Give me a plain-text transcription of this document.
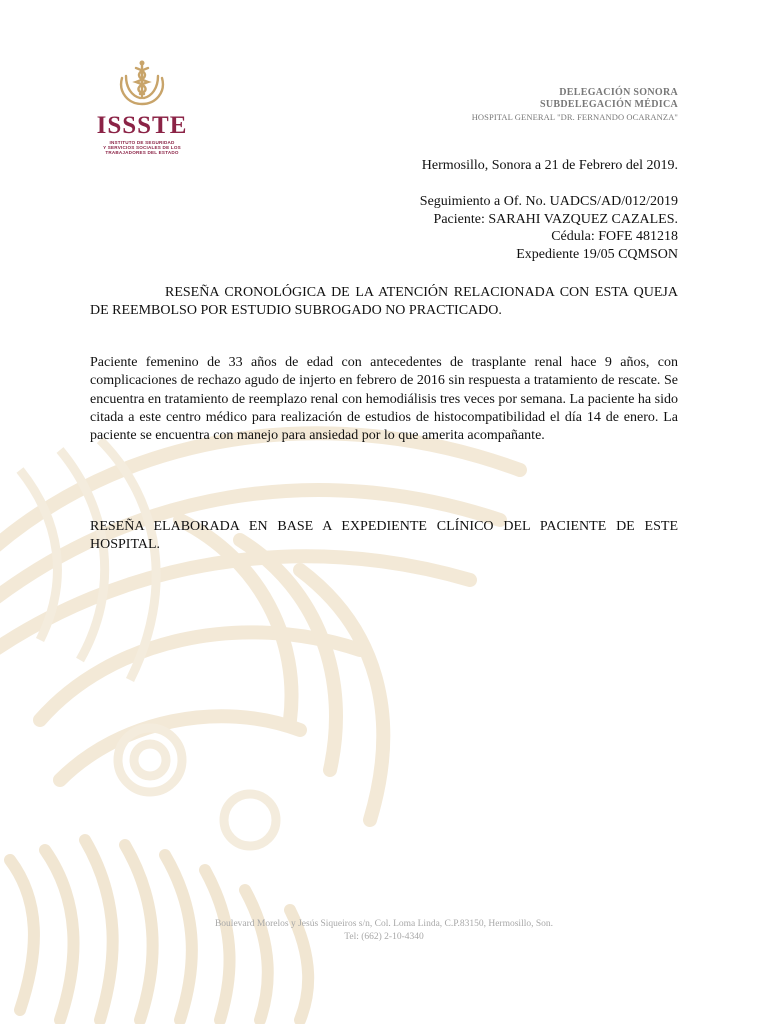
ISSSTE
INSTITUTO DE SEGURIDAD
Y SERVICIOS SOCIALES DE LOS
TRABAJADORES DEL ESTADO
DELEGACIÓN SONORA
SUBDELEGACIÓN MÉDICA
HOSPITAL GENERAL "DR. FERNANDO OCARANZA"
Hermosillo, Sonora a 21 de Febrero del 2019.
Seguimiento a Of. No. UADCS/AD/012/2019
Paciente: SARAHI VAZQUEZ CAZALES.
Cédula: FOFE 481218
Expediente 19/05 CQMSON
RESEÑA CRONOLÓGICA DE LA ATENCIÓN RELACIONADA CON ESTA QUEJA DE REEMBOLSO POR ESTUDIO SUBROGADO NO PRACTICADO.
Paciente femenino de 33 años de edad con antecedentes de trasplante renal hace 9 años, con complicaciones de rechazo agudo de injerto en febrero de 2016 sin respuesta a tratamiento de rescate. Se encuentra en tratamiento de reemplazo renal con hemodiálisis tres veces por semana. La paciente ha sido citada a este centro médico para realización de estudios de histocompatibilidad el día 14 de enero. La paciente se encuentra con manejo para ansiedad por lo que amerita acompañante.
RESEÑA ELABORADA EN BASE A EXPEDIENTE CLÍNICO DEL PACIENTE DE ESTE HOSPITAL.
Boulevard Morelos y Jesús Siqueiros s/n, Col. Loma Linda, C.P.83150, Hermosillo, Son.
Tel: (662) 2-10-4340
